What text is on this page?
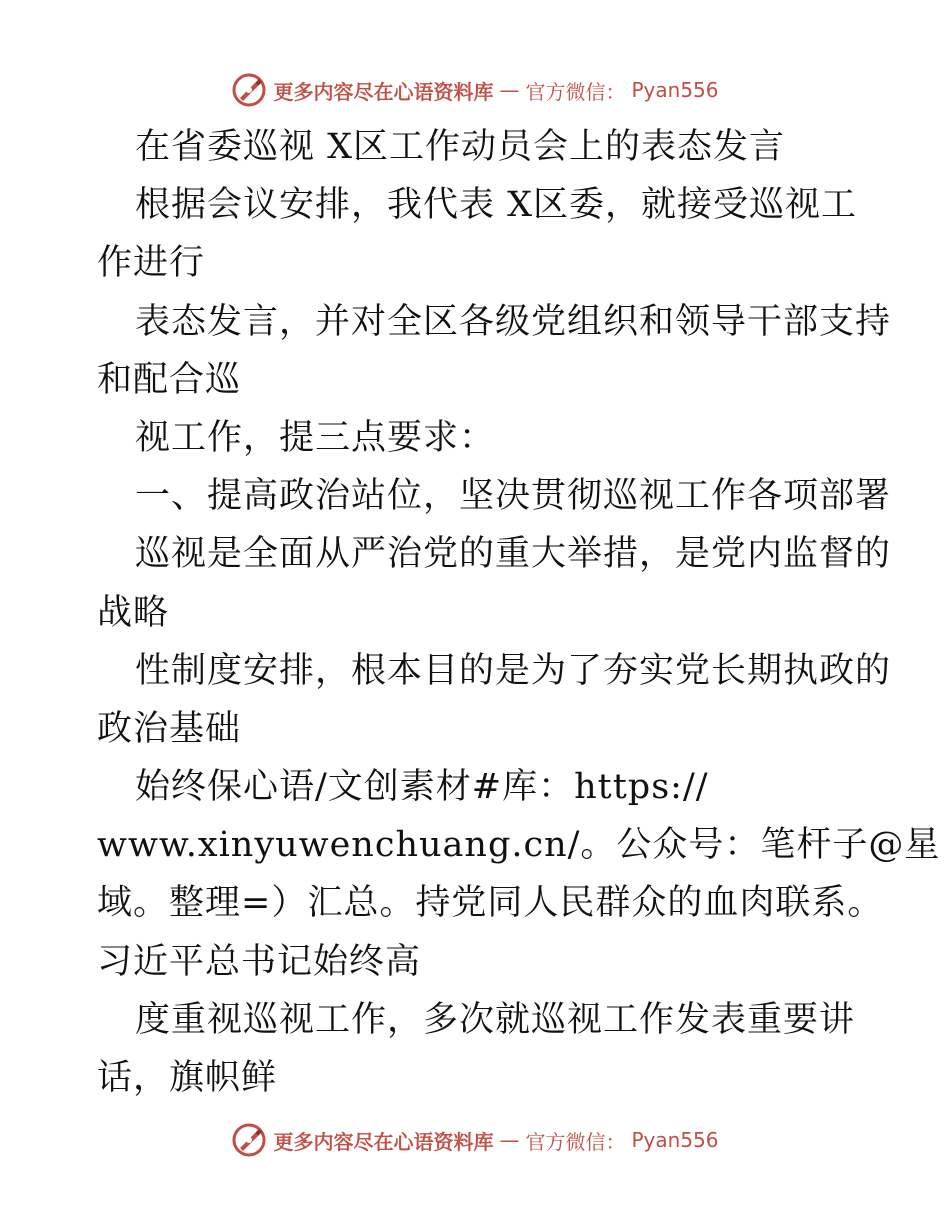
更多内容尽在心语资料库 — 官方微信： Pyan556
在省委巡视 X区工作动员会上的表态发言
根据会议安排，我代表 X区委，就接受巡视工
作进行
表态发言，并对全区各级党组织和领导干部支持
和配合巡
视工作，提三点要求：
一、提高政治站位，坚决贯彻巡视工作各项部署
巡视是全面从严治党的重大举措，是党内监督的
战略
性制度安排，根本目的是为了夯实党长期执政的
政治基础
始终保心语/文创素材#库：https://
www.xinyuwenchuang.cn/。公众号：笔杆子@星
域。整理=）汇总。持党同人民群众的血肉联系。
习近平总书记始终高
度重视巡视工作，多次就巡视工作发表重要讲
话，旗帜鲜
更多内容尽在心语资料库 — 官方微信： Pyan556
